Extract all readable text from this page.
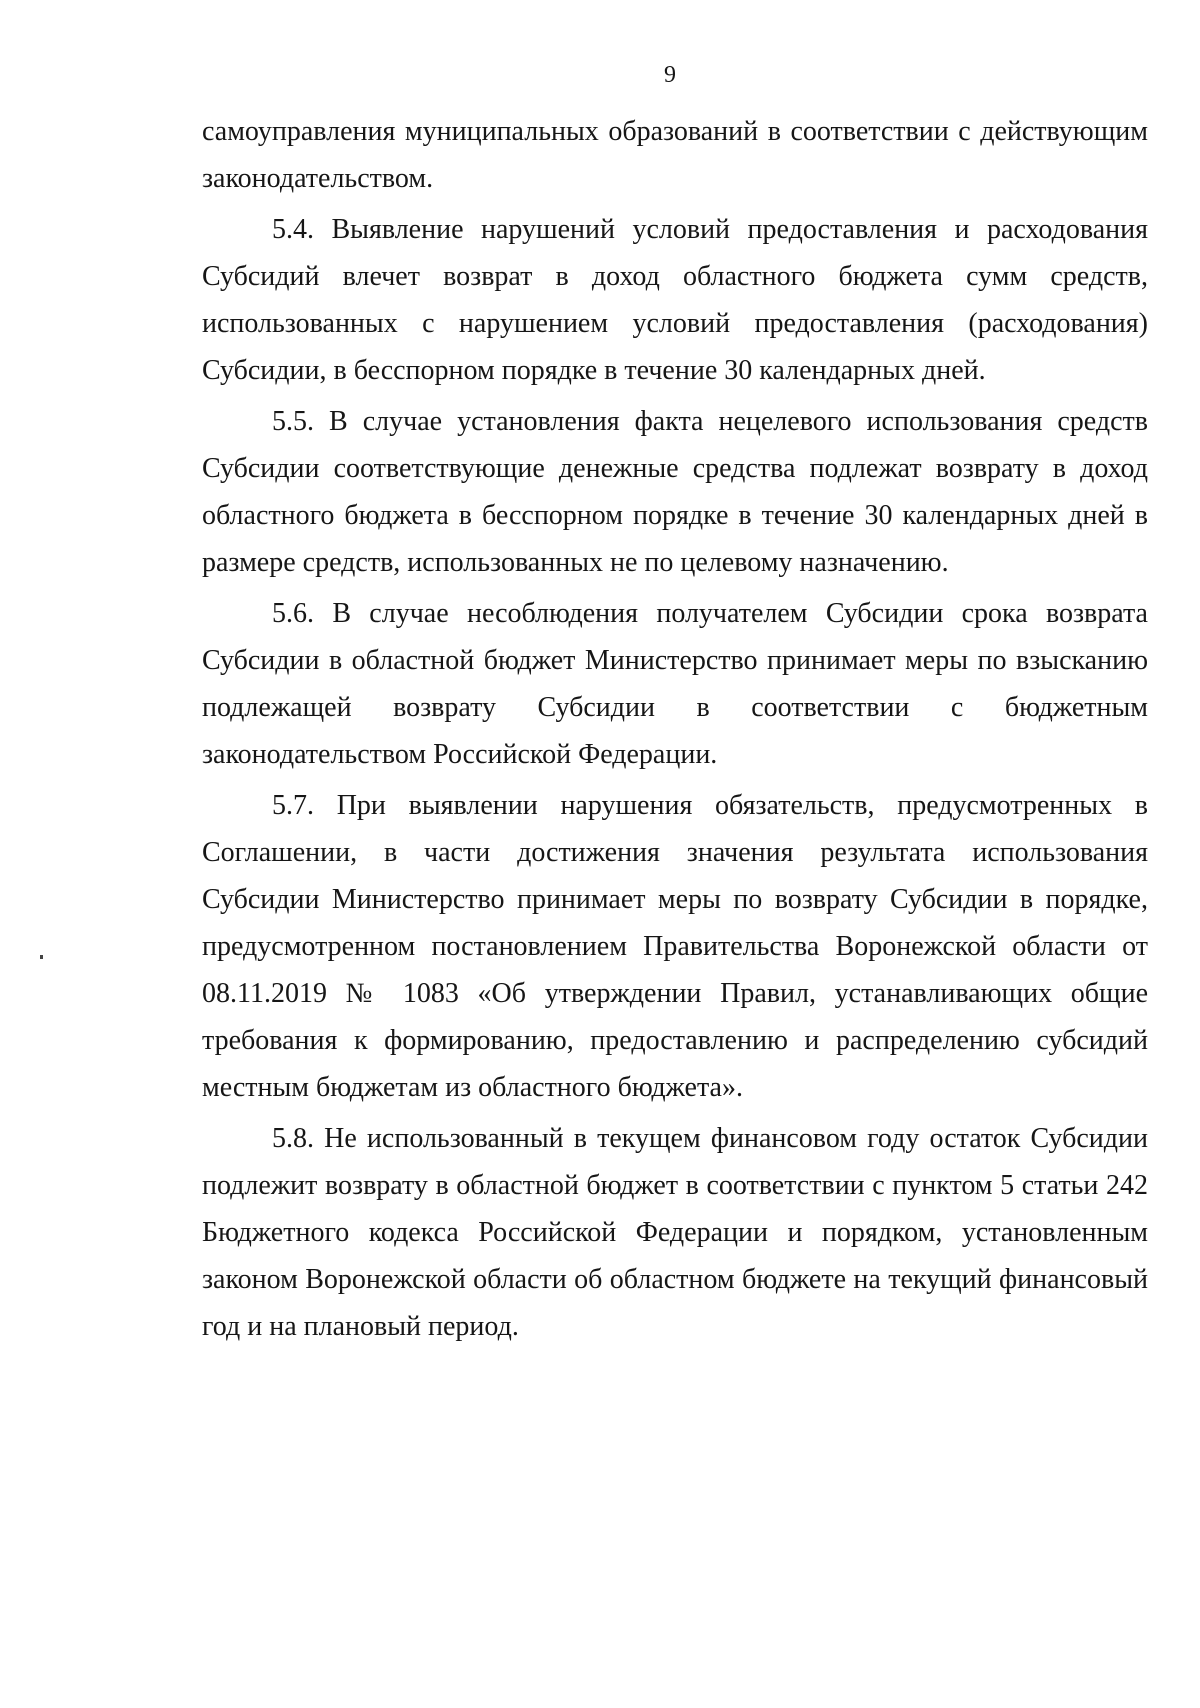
9

самоуправления муниципальных образований в соответствии с действующим законодательством.

5.4. Выявление нарушений условий предоставления и расходования Субсидий влечет возврат в доход областного бюджета сумм средств, использованных с нарушением условий предоставления (расходования) Субсидии, в бесспорном порядке в течение 30 календарных дней.

5.5. В случае установления факта нецелевого использования средств Субсидии соответствующие денежные средства подлежат возврату в доход областного бюджета в бесспорном порядке в течение 30 календарных дней в размере средств, использованных не по целевому назначению.

5.6. В случае несоблюдения получателем Субсидии срока возврата Субсидии в областной бюджет Министерство принимает меры по взысканию подлежащей возврату Субсидии в соответствии с бюджетным законодательством Российской Федерации.

5.7. При выявлении нарушения обязательств, предусмотренных в Соглашении, в части достижения значения результата использования Субсидии Министерство принимает меры по возврату Субсидии в порядке, предусмотренном постановлением Правительства Воронежской области от 08.11.2019 № 1083 «Об утверждении Правил, устанавливающих общие требования к формированию, предоставлению и распределению субсидий местным бюджетам из областного бюджета».

5.8. Не использованный в текущем финансовом году остаток Субсидии подлежит возврату в областной бюджет в соответствии с пунктом 5 статьи 242 Бюджетного кодекса Российской Федерации и порядком, установленным законом Воронежской области об областном бюджете на текущий финансовый год и на плановый период.
